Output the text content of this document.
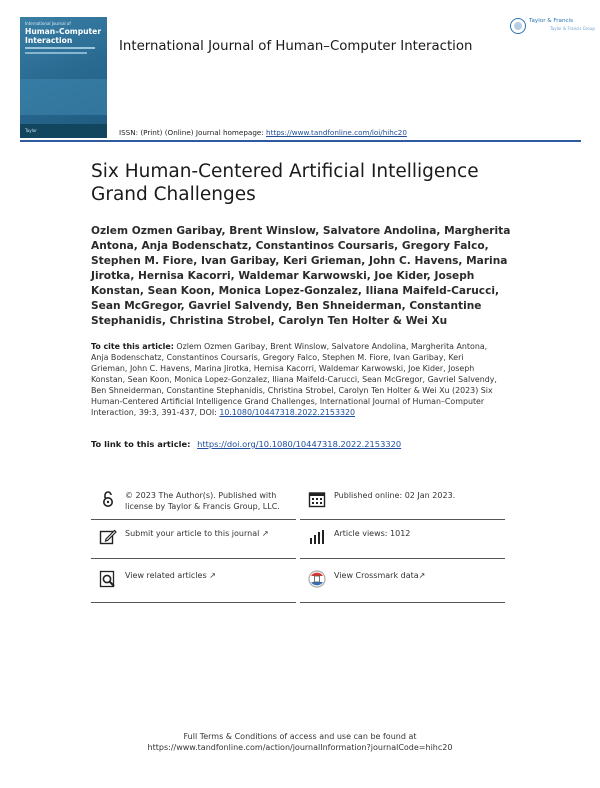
International Journal of
Human–Computer
Interaction
Taylor
International Journal of Human–Computer Interaction
Taylor & Francis
Taylor & Francis Group
ISSN: (Print) (Online) Journal homepage: https://www.tandfonline.com/loi/hihc20
Six Human-Centered Artificial Intelligence Grand Challenges
Ozlem Ozmen Garibay, Brent Winslow, Salvatore Andolina, Margherita Antona, Anja Bodenschatz, Constantinos Coursaris, Gregory Falco, Stephen M. Fiore, Ivan Garibay, Keri Grieman, John C. Havens, Marina Jirotka, Hernisa Kacorri, Waldemar Karwowski, Joe Kider, Joseph Konstan, Sean Koon, Monica Lopez-Gonzalez, Iliana Maifeld-Carucci, Sean McGregor, Gavriel Salvendy, Ben Shneiderman, Constantine Stephanidis, Christina Strobel, Carolyn Ten Holter & Wei Xu
To cite this article: Ozlem Ozmen Garibay, Brent Winslow, Salvatore Andolina, Margherita Antona, Anja Bodenschatz, Constantinos Coursaris, Gregory Falco, Stephen M. Fiore, Ivan Garibay, Keri Grieman, John C. Havens, Marina Jirotka, Hernisa Kacorri, Waldemar Karwowski, Joe Kider, Joseph Konstan, Sean Koon, Monica Lopez-Gonzalez, Iliana Maifeld-Carucci, Sean McGregor, Gavriel Salvendy, Ben Shneiderman, Constantine Stephanidis, Christina Strobel, Carolyn Ten Holter & Wei Xu (2023) Six Human-Centered Artificial Intelligence Grand Challenges, International Journal of Human–Computer Interaction, 39:3, 391-437, DOI: 10.1080/10447318.2022.2153320
To link to this article: https://doi.org/10.1080/10447318.2022.2153320
© 2023 The Author(s). Published with
license by Taylor & Francis Group, LLC.
Published online: 02 Jan 2023.
Submit your article to this journal ↗	Article views: 1012
View related articles ↗	View Crossmark data↗
Full Terms & Conditions of access and use can be found at
https://www.tandfonline.com/action/journalInformation?journalCode=hihc20
